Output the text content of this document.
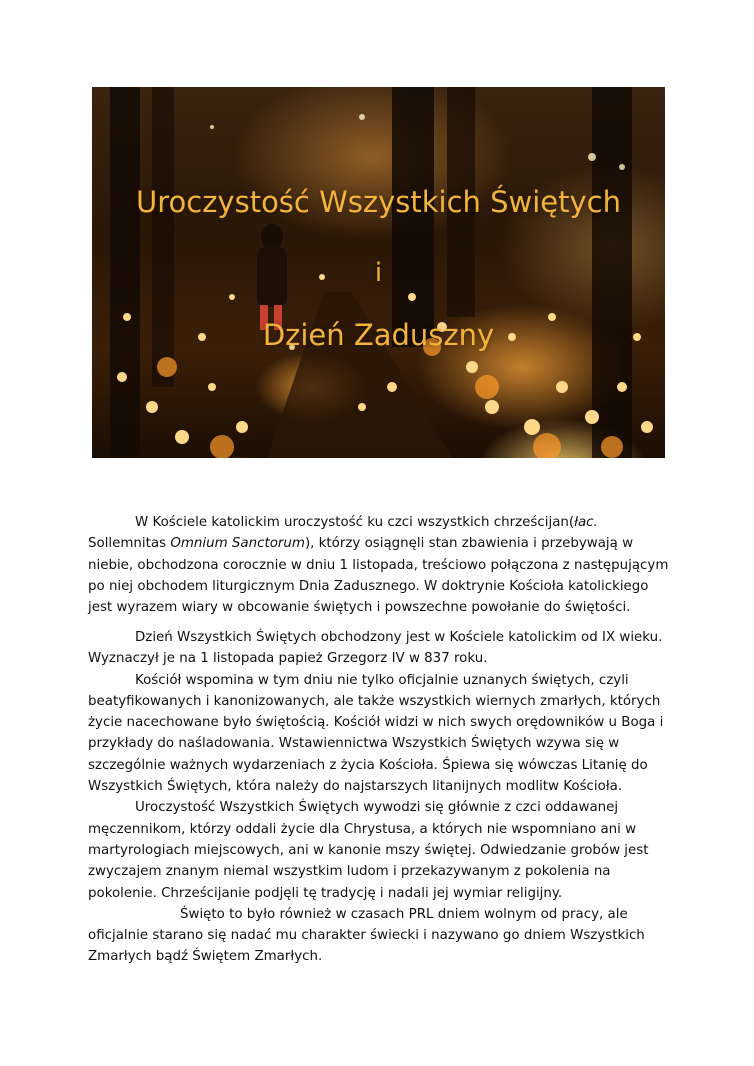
Uroczystość Wszystkich Świętych
i
Dzień Zaduszny

W Kościele katolickim uroczystość ku czci wszystkich chrześcijan(łac. Sollemnitas Omnium Sanctorum), którzy osiągnęli stan zbawienia i przebywają w niebie, obchodzona corocznie w dniu 1 listopada, treściowo połączona z następującym po niej obchodem liturgicznym Dnia Zadusznego. W doktrynie Kościoła katolickiego jest wyrazem wiary w obcowanie świętych i powszechne powołanie do świętości.

Dzień Wszystkich Świętych obchodzony jest w Kościele katolickim od IX wieku. Wyznaczył je na 1 listopada papież Grzegorz IV w 837 roku.

Kościół wspomina w tym dniu nie tylko oficjalnie uznanych świętych, czyli beatyfikowanych i kanonizowanych, ale także wszystkich wiernych zmarłych, których życie nacechowane było świętością. Kościół widzi w nich swych orędowników u Boga i przykłady do naśladowania. Wstawiennictwa Wszystkich Świętych wzywa się w szczególnie ważnych wydarzeniach z życia Kościoła. Śpiewa się wówczas Litanię do Wszystkich Świętych, która należy do najstarszych litanijnych modlitw Kościoła.

Uroczystość Wszystkich Świętych wywodzi się głównie z czci oddawanej męczennikom, którzy oddali życie dla Chrystusa, a których nie wspomniano ani w martyrologiach miejscowych, ani w kanonie mszy świętej. Odwiedzanie grobów jest zwyczajem znanym niemal wszystkim ludom i przekazywanym z pokolenia na pokolenie. Chrześcijanie podjęli tę tradycję i nadali jej wymiar religijny.

Święto to było również w czasach PRL dniem wolnym od pracy, ale oficjalnie starano się nadać mu charakter świecki i nazywano go dniem Wszystkich Zmarłych bądź Świętem Zmarłych.
